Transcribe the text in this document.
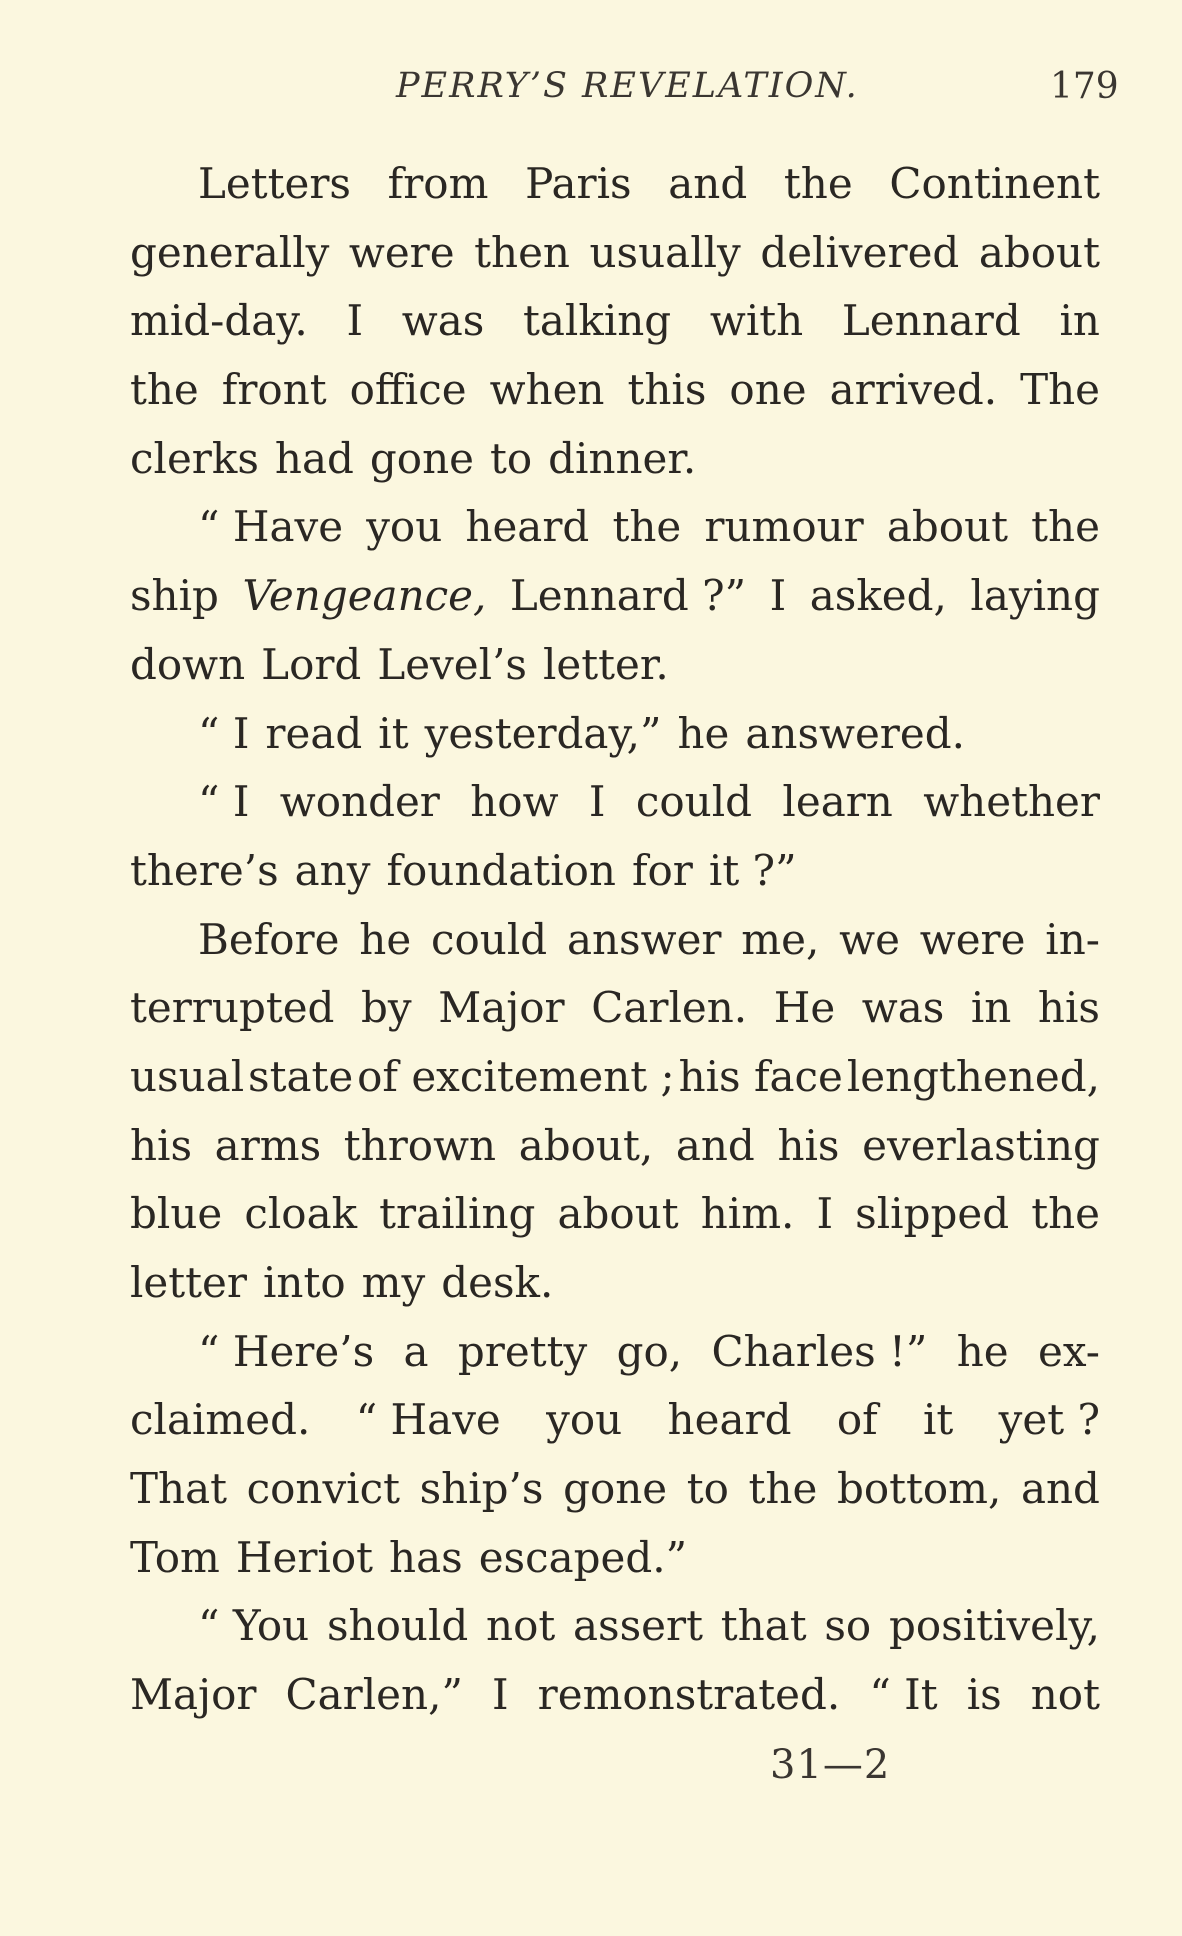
PERRY’S REVELATION.	179
Letters from Paris and the Continent
generally were then usually delivered about
mid-day. I was talking with Lennard in
the front office when this one arrived. The
clerks had gone to dinner.
“ Have you heard the rumour about the
ship Vengeance, Lennard ?” I asked, laying
down Lord Level’s letter.
“ I read it yesterday,” he answered.
“ I wonder how I could learn whether
there’s any foundation for it ?”
Before he could answer me, we were in-
terrupted by Major Carlen. He was in his
usual state of excitement ; his face lengthened,
his arms thrown about, and his everlasting
blue cloak trailing about him. I slipped the
letter into my desk.
“ Here’s a pretty go, Charles !” he ex-
claimed. “ Have you heard of it yet ?
That convict ship’s gone to the bottom, and
Tom Heriot has escaped.”
“ You should not assert that so positively,
Major Carlen,” I remonstrated. “ It is not
31—2
